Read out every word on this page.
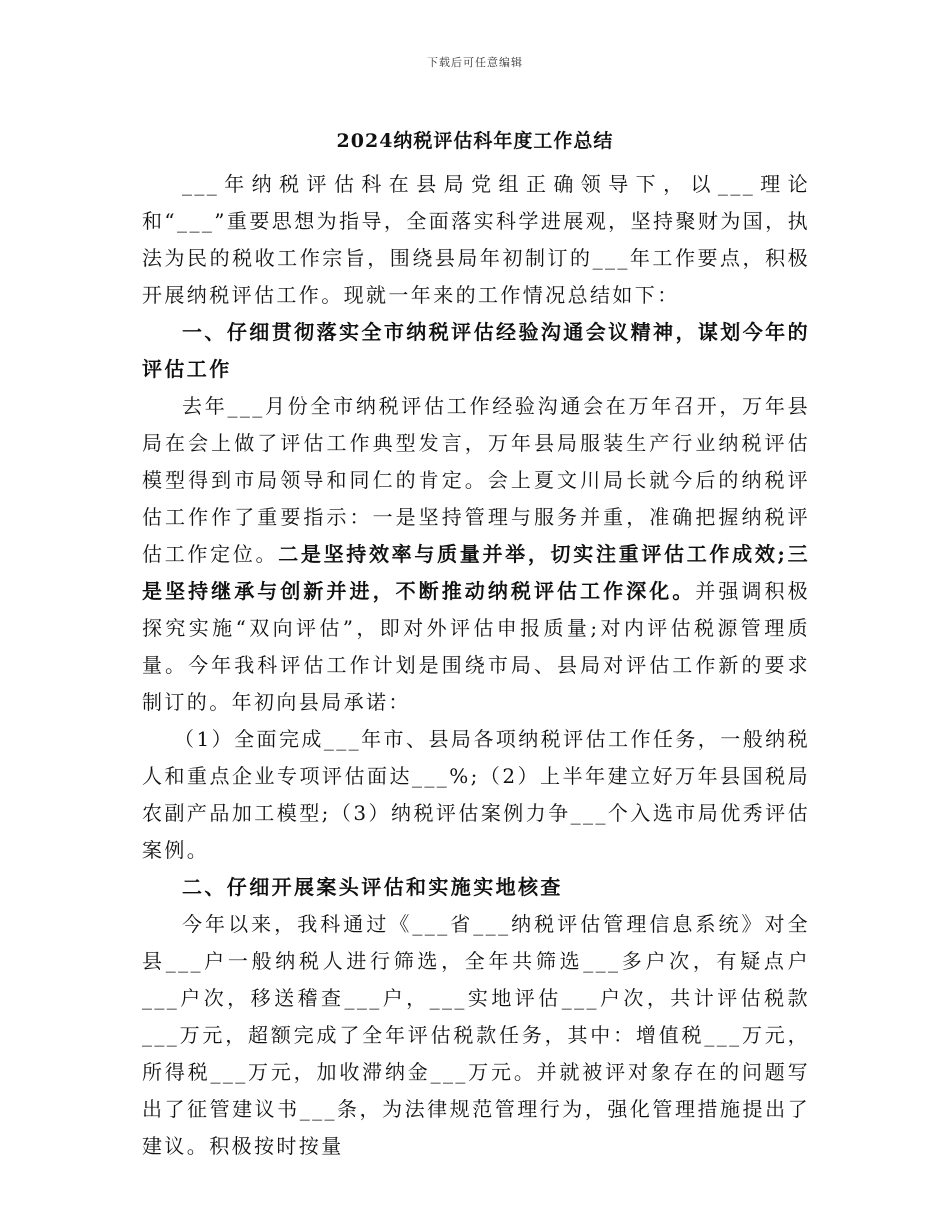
下载后可任意编辑
2024纳税评估科年度工作总结

___年纳税评估科在县局党组正确领导下，以___理论和“___”重要思想为指导，全面落实科学进展观，坚持聚财为国，执法为民的税收工作宗旨，围绕县局年初制订的___年工作要点，积极开展纳税评估工作。现就一年来的工作情况总结如下：

一、仔细贯彻落实全市纳税评估经验沟通会议精神，谋划今年的评估工作

去年___月份全市纳税评估工作经验沟通会在万年召开，万年县局在会上做了评估工作典型发言，万年县局服装生产行业纳税评估模型得到市局领导和同仁的肯定。会上夏文川局长就今后的纳税评估工作作了重要指示：一是坚持管理与服务并重，准确把握纳税评估工作定位。二是坚持效率与质量并举，切实注重评估工作成效;三是坚持继承与创新并进，不断推动纳税评估工作深化。并强调积极探究实施“双向评估”，即对外评估申报质量;对内评估税源管理质量。今年我科评估工作计划是围绕市局、县局对评估工作新的要求制订的。年初向县局承诺：

（1）全面完成___年市、县局各项纳税评估工作任务，一般纳税人和重点企业专项评估面达___%;（2）上半年建立好万年县国税局农副产品加工模型;（3）纳税评估案例力争___个入选市局优秀评估案例。

二、仔细开展案头评估和实施实地核查

今年以来，我科通过《___省___纳税评估管理信息系统》对全县___户一般纳税人进行筛选，全年共筛选___多户次，有疑点户___户次，移送稽查___户，___实地评估___户次，共计评估税款___万元，超额完成了全年评估税款任务，其中：增值税___万元，所得税___万元，加收滞纳金___万元。并就被评对象存在的问题写出了征管建议书___条，为法律规范管理行为，强化管理措施提出了建议。积极按时按量
